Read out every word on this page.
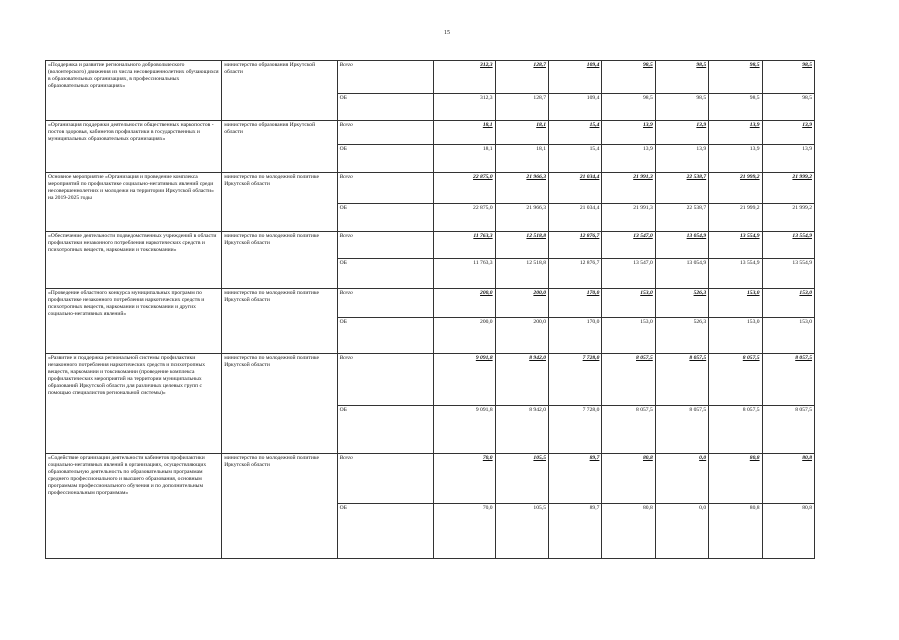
15
«Поддержка и развитие регионального добровольческого (волонтерского) движения из числа несовершеннолетних обучающихся в образовательных организациях, в профессиональных образовательных организациях»	министерство образования Иркутской области	Всего	312,3	128,7	109,4	98,5	98,5	98,5	98,5
		ОБ	312,3	128,7	109,4	98,5	98,5	98,5	98,5
«Организация поддержки деятельности общественных наркопостов - постов здоровья, кабинетов профилактики в государственных и муниципальных образовательных организациях»	министерство образования Иркутской области	Всего	18,1	18,1	15,4	13,9	13,9	13,9	13,9
		ОБ	18,1	18,1	15,4	13,9	13,9	13,9	13,9
Основное мероприятие «Организация и проведение комплекса мероприятий по профилактике социально-негативных явлений среди несовершеннолетних и молодежи на территории Иркутской области» на 2019-2025 годы	министерство по молодежной политике Иркутской области	Всего	22 875,0	21 966,3	21 034,4	21 991,3	22 538,7	21 999,2	21 999,2
		ОБ	22 875,0	21 966,3	21 034,4	21 991,3	22 538,7	21 999,2	21 999,2
«Обеспечение деятельности подведомственных учреждений в области профилактики незаконного потребления наркотических средств и психотропных веществ, наркомании и токсикомании»	министерство по молодежной политике Иркутской области	Всего	11 763,3	12 518,8	12 876,7	13 547,0	13 054,9	13 554,9	13 554,9
		ОБ	11 763,3	12 518,8	12 876,7	13 547,0	13 054,9	13 554,9	13 554,9
«Проведение областного конкурса муниципальных программ по профилактике незаконного потребления наркотических средств и психотропных веществ, наркомании и токсикомании и других социально-негативных явлений»	министерство по молодежной политике Иркутской области	Всего	200,0	200,0	170,0	153,0	526,3	153,0	153,0
		ОБ	200,0	200,0	170,0	153,0	526,3	153,0	153,0
«Развитие и поддержка региональной системы профилактики незаконного потребления наркотических средств и психотропных веществ, наркомании и токсикомании (проведение комплекса профилактических мероприятий на территории муниципальных образований Иркутской области для различных целевых групп с помощью специалистов региональной системы)»	министерство по молодежной политике Иркутской области	Всего	9 091,8	8 942,0	7 728,0	8 057,5	8 057,5	8 057,5	8 057,5
		ОБ	9 091,8	8 942,0	7 728,0	8 057,5	8 057,5	8 057,5	8 057,5
«Содействие организации деятельности кабинетов профилактики социально-негативных явлений в организациях, осуществляющих образовательную деятельность по образовательным программам среднего профессионального и высшего образования, основным программам профессионального обучения и по дополнительным профессиональным программам»	министерство по молодежной политике Иркутской области	Всего	70,0	105,5	89,7	80,8	0,0	80,8	80,8
		ОБ	70,0	105,5	89,7	80,8	0,0	80,8	80,8
